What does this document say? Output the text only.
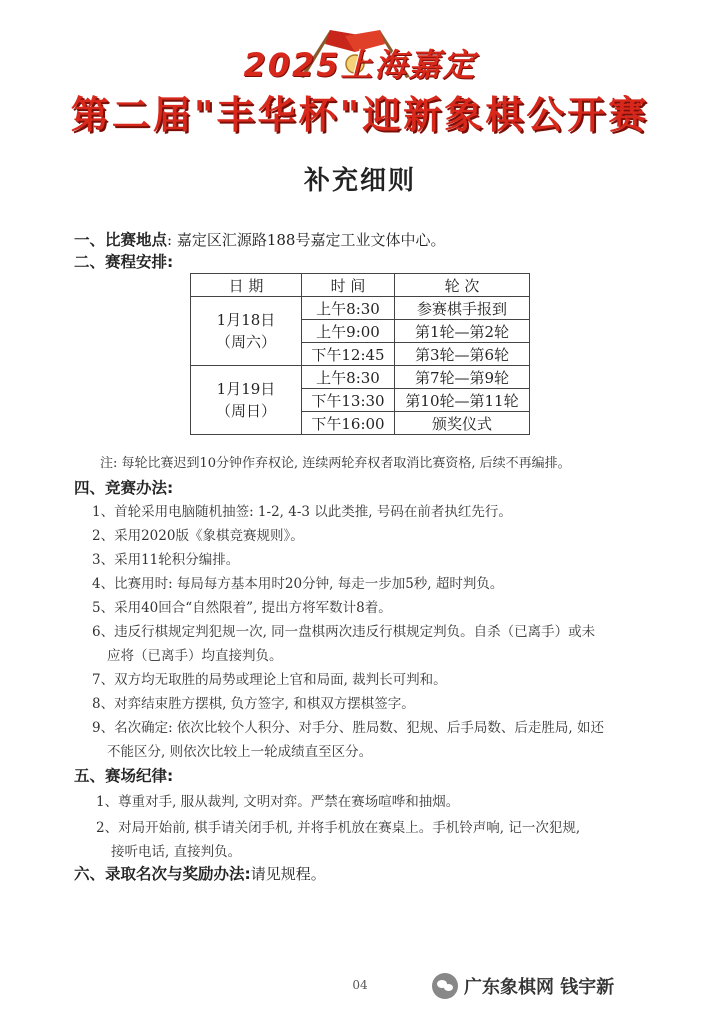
2025上海嘉定
第二届"丰华杯"迎新象棋公开赛
补充细则
一、比赛地点: 嘉定区汇源路188号嘉定工业文体中心。
二、赛程安排:
日 期	时 间	轮 次

1月18日
（周六）	上午8:30	参赛棋手报到
	上午9:00	第1轮—第2轮
	下午12:45	第3轮—第6轮

1月19日
（周日）	上午8:30	第7轮—第9轮
	下午13:30	第10轮—第11轮
	下午16:00	颁奖仪式
注: 每轮比赛迟到10分钟作弃权论, 连续两轮弃权者取消比赛资格, 后续不再编排。
四、竞赛办法:
1、首轮采用电脑随机抽签: 1-2, 4-3 以此类推, 号码在前者执红先行。
2、采用2020版《象棋竞赛规则》。
3、采用11轮积分编排。
4、比赛用时: 每局每方基本用时20分钟, 每走一步加5秒, 超时判负。
5、采用40回合“自然限着”, 提出方将军数计8着。
6、违反行棋规定判犯规一次, 同一盘棋两次违反行棋规定判负。自杀（已离手）或未
应将（已离手）均直接判负。
7、双方均无取胜的局势或理论上官和局面, 裁判长可判和。
8、对弈结束胜方摆棋, 负方签字, 和棋双方摆棋签字。
9、名次确定: 依次比较个人积分、对手分、胜局数、犯规、后手局数、后走胜局, 如还
不能区分, 则依次比较上一轮成绩直至区分。
五、赛场纪律:
1、尊重对手, 服从裁判, 文明对弈。严禁在赛场喧哗和抽烟。
2、对局开始前, 棋手请关闭手机, 并将手机放在赛桌上。手机铃声响, 记一次犯规,
接听电话, 直接判负。
六、录取名次与奖励办法:请见规程。
04	广东象棋网 钱宇新
